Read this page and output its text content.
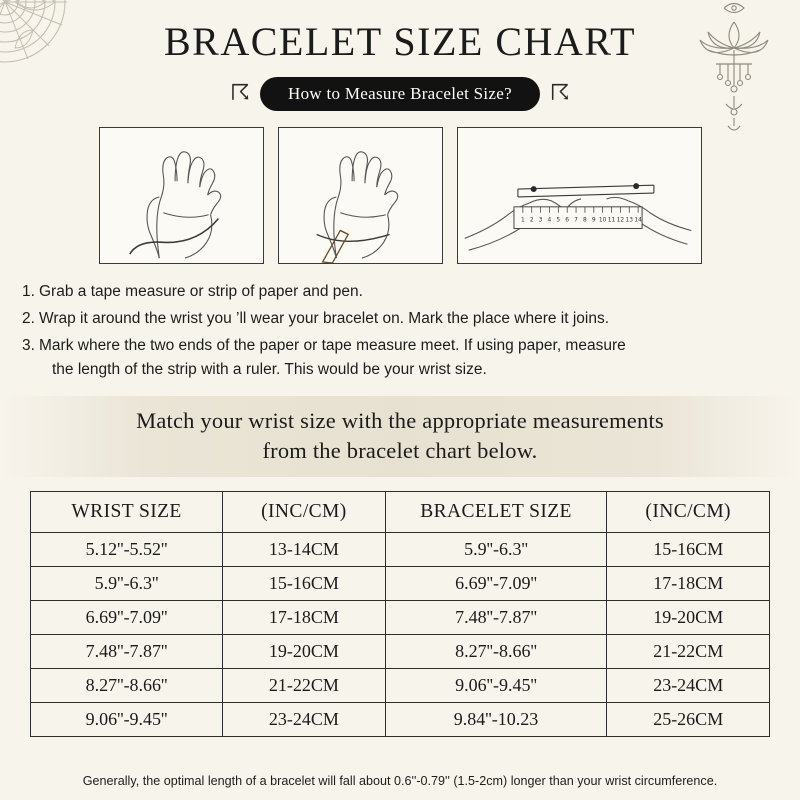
BRACELET SIZE CHART
☈	How to Measure Bracelet Size?	☈
1 2 3 4 5 6 7 8 9 10 11 12 13 14
1. Grab a tape measure or strip of paper and pen.
2. Wrap it around the wrist you ’ll wear your bracelet on. Mark the place where it joins.
3. Mark where the two ends of the paper or tape measure meet. If using paper, measure
the length of the strip with a ruler. This would be your wrist size.
Match your wrist size with the appropriate measurements
from the bracelet chart below.
WRIST SIZE	(INC/CM)	BRACELET SIZE	(INC/CM)
5.12''-5.52''	13-14CM	5.9''-6.3''	15-16CM
5.9''-6.3''	15-16CM	6.69''-7.09''	17-18CM
6.69''-7.09''	17-18CM	7.48''-7.87''	19-20CM
7.48''-7.87''	19-20CM	8.27''-8.66''	21-22CM
8.27''-8.66''	21-22CM	9.06''-9.45''	23-24CM
9.06''-9.45''	23-24CM	9.84''-10.23	25-26CM
Generally, the optimal length of a bracelet will fall about 0.6''-0.79'' (1.5-2cm) longer than your wrist circumference.
